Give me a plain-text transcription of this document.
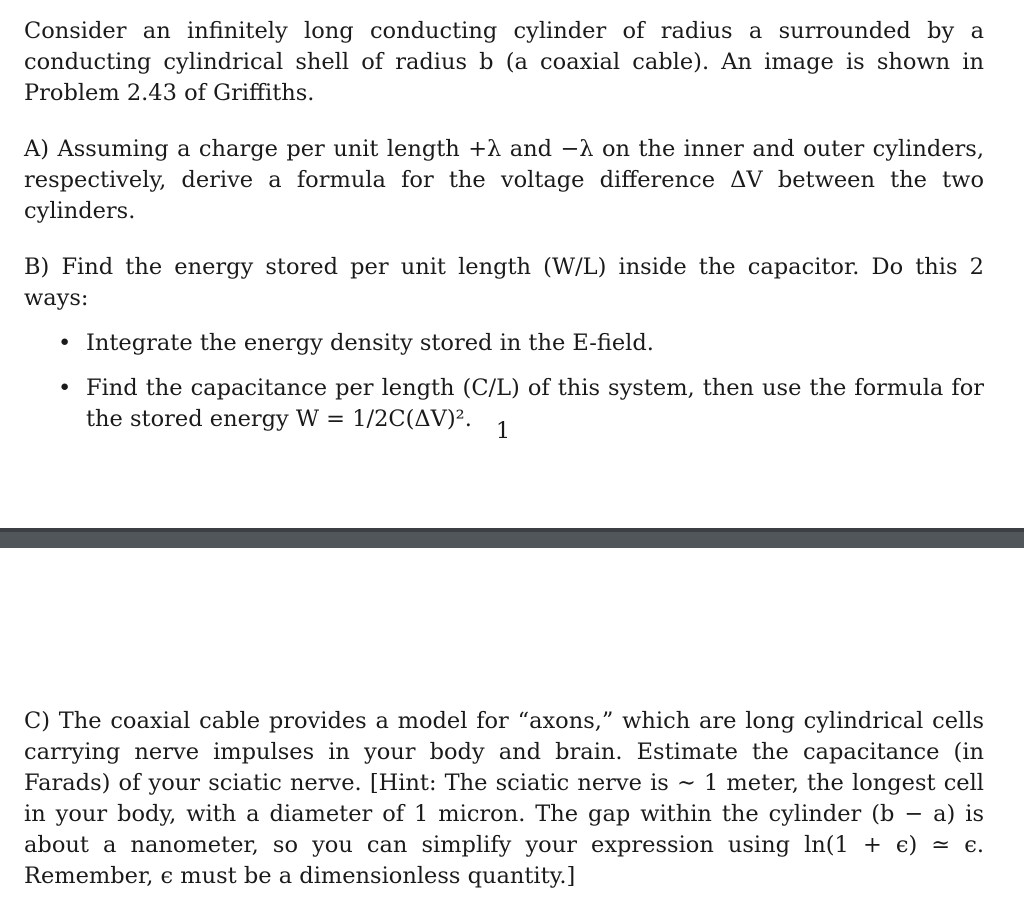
Consider an infinitely long conducting cylinder of radius a surrounded by a conducting cylindrical shell of radius b (a coaxial cable). An image is shown in Problem 2.43 of Griffiths.

A) Assuming a charge per unit length +λ and −λ on the inner and outer cylinders, respectively, derive a formula for the voltage difference ΔV between the two cylinders.

B) Find the energy stored per unit length (W/L) inside the capacitor. Do this 2 ways:

• Integrate the energy density stored in the E-field.
• Find the capacitance per length (C/L) of this system, then use the formula for the stored energy W = 1/2C(ΔV)².	1

C) The coaxial cable provides a model for “axons,” which are long cylindrical cells carrying nerve impulses in your body and brain. Estimate the capacitance (in Farads) of your sciatic nerve. [Hint: The sciatic nerve is ∼ 1 meter, the longest cell in your body, with a diameter of 1 micron. The gap within the cylinder (b − a) is about a nanometer, so you can simplify your expression using ln(1 + ϵ) ≃ ϵ. Remember, ϵ must be a dimensionless quantity.]
